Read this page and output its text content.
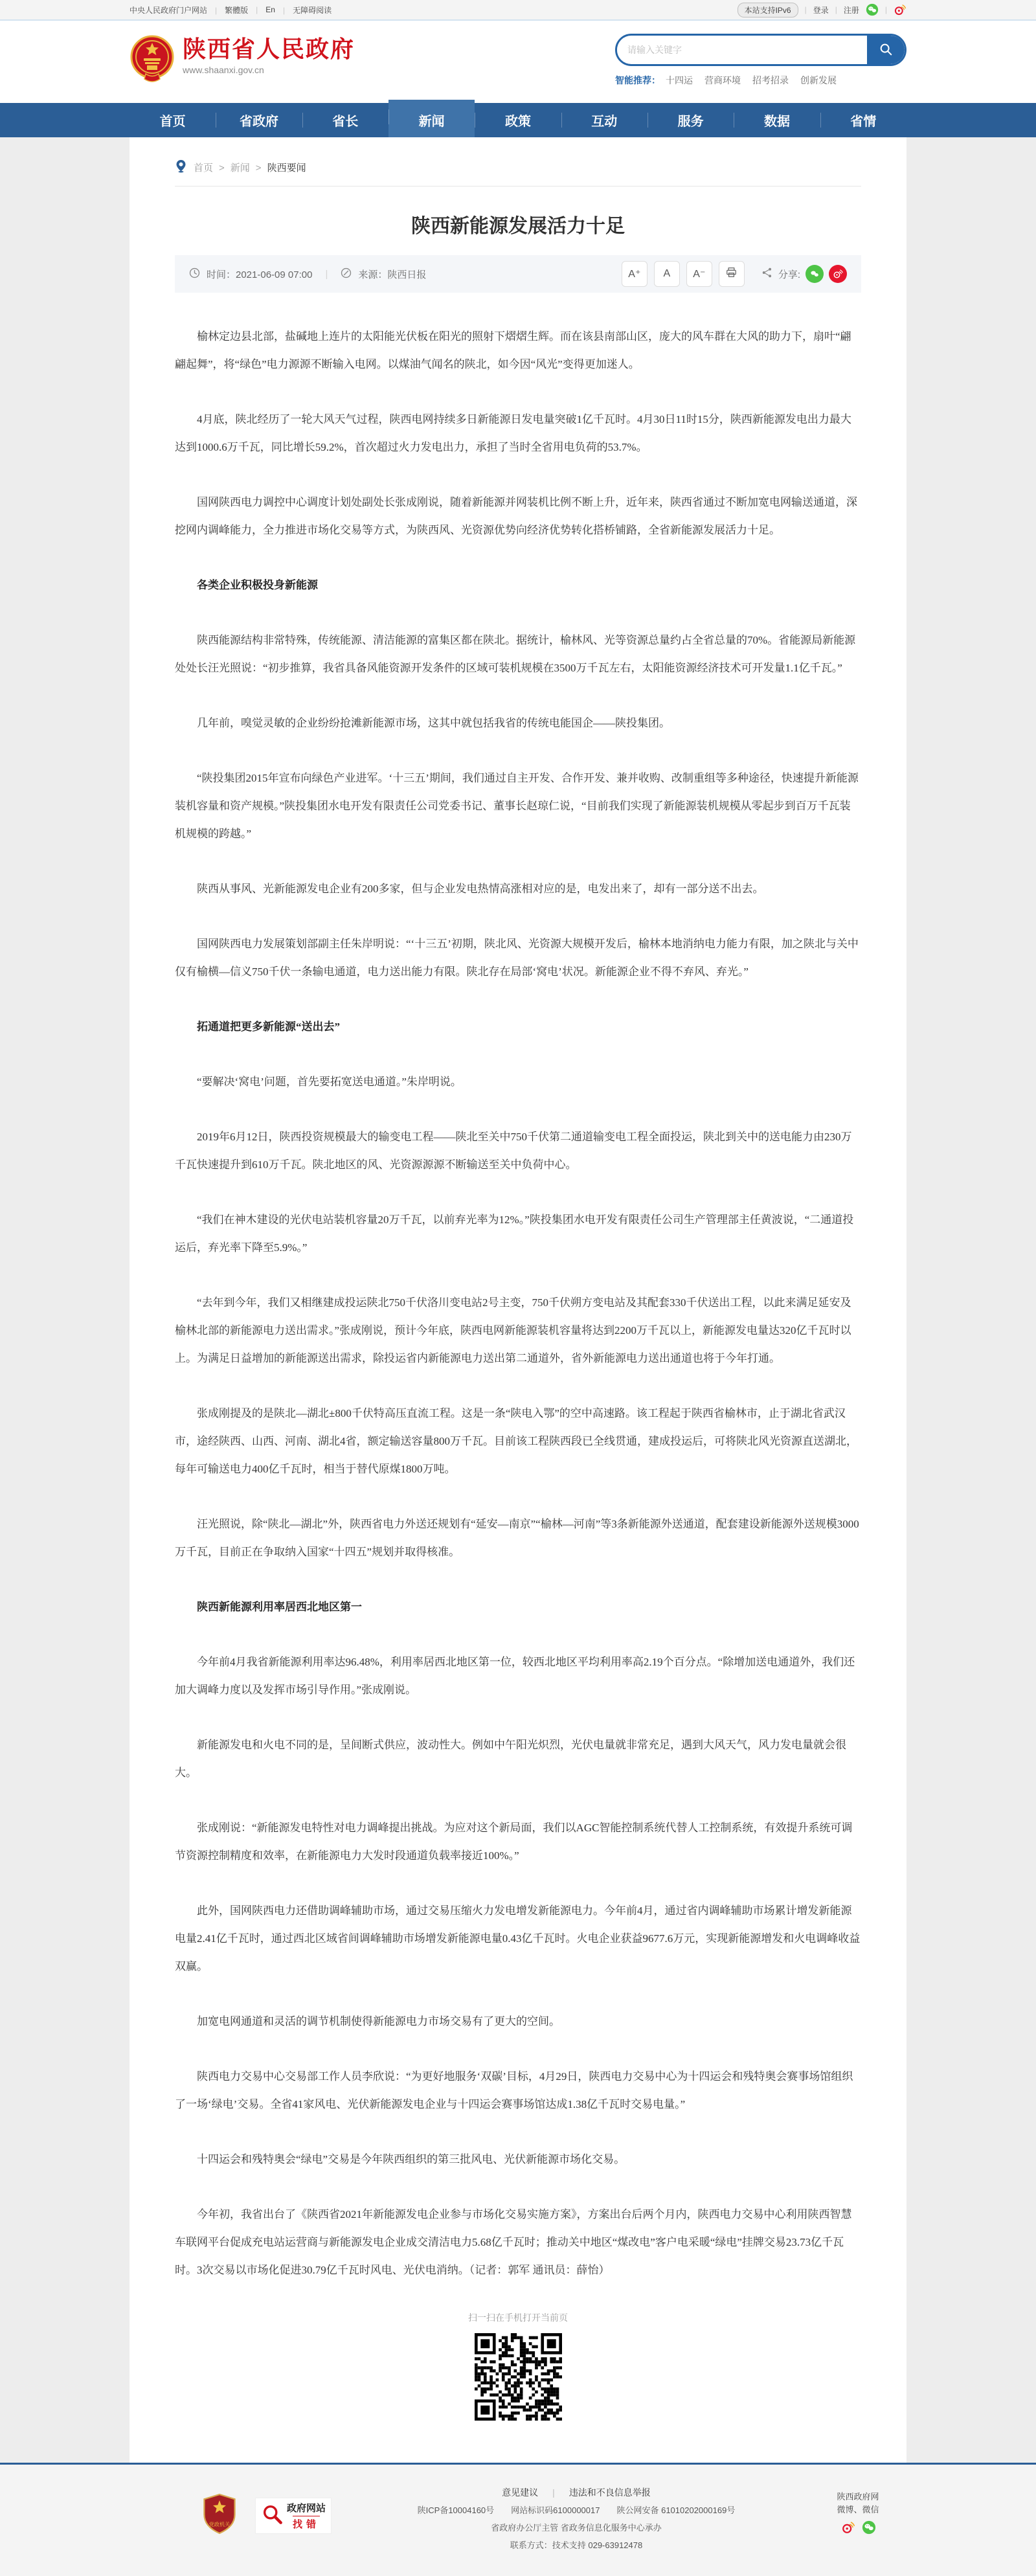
中央人民政府门户网站	| 繁體版	| En	| 无障碍阅读	本站支持IPv6	| 登录 | 注册	|
陕西省人民政府
www.shaanxi.gov.cn
请输入关键字
智能推荐： 十四运 营商环境 招考招录 创新发展
首页	省政府	省长	新闻	政策	互动	服务	数据	省情
首页	> 新闻	> 陕西要闻
陕西新能源发展活力十足
时间：2021-06-09 07:00 |	来源：陕西日报	A⁺	A	A⁻	分享:

榆林定边县北部，盐碱地上连片的太阳能光伏板在阳光的照射下熠熠生辉。而在该县南部山区，庞大的风车群在大风的助力下，扇叶“翩翩起舞”，将“绿色”电力源源不断输入电网。以煤油气闻名的陕北，如今因“风光”变得更加迷人。

4月底，陕北经历了一轮大风天气过程，陕西电网持续多日新能源日发电量突破1亿千瓦时。4月30日11时15分，陕西新能源发电出力最大达到1000.6万千瓦，同比增长59.2%，首次超过火力发电出力，承担了当时全省用电负荷的53.7%。

国网陕西电力调控中心调度计划处副处长张成刚说，随着新能源并网装机比例不断上升，近年来，陕西省通过不断加宽电网输送通道，深挖网内调峰能力，全力推进市场化交易等方式，为陕西风、光资源优势向经济优势转化搭桥铺路，全省新能源发展活力十足。

各类企业积极投身新能源

陕西能源结构非常特殊，传统能源、清洁能源的富集区都在陕北。据统计，榆林风、光等资源总量约占全省总量的70%。省能源局新能源处处长汪光照说：“初步推算，我省具备风能资源开发条件的区域可装机规模在3500万千瓦左右，太阳能资源经济技术可开发量1.1亿千瓦。”

几年前，嗅觉灵敏的企业纷纷抢滩新能源市场，这其中就包括我省的传统电能国企——陕投集团。

“陕投集团2015年宣布向绿色产业进军。‘十三五’期间，我们通过自主开发、合作开发、兼并收购、改制重组等多种途径，快速提升新能源装机容量和资产规模。”陕投集团水电开发有限责任公司党委书记、董事长赵琼仁说，“目前我们实现了新能源装机规模从零起步到百万千瓦装机规模的跨越。”

陕西从事风、光新能源发电企业有200多家，但与企业发电热情高涨相对应的是，电发出来了，却有一部分送不出去。

国网陕西电力发展策划部副主任朱岸明说：“‘十三五’初期，陕北风、光资源大规模开发后，榆林本地消纳电力能力有限，加之陕北与关中仅有榆横—信义750千伏一条输电通道，电力送出能力有限。陕北存在局部‘窝电’状况。新能源企业不得不弃风、弃光。”

拓通道把更多新能源“送出去”

“要解决‘窝电’问题，首先要拓宽送电通道。”朱岸明说。

2019年6月12日，陕西投资规模最大的输变电工程——陕北至关中750千伏第二通道输变电工程全面投运，陕北到关中的送电能力由230万千瓦快速提升到610万千瓦。陕北地区的风、光资源源源不断输送至关中负荷中心。

“我们在神木建设的光伏电站装机容量20万千瓦，以前弃光率为12%。”陕投集团水电开发有限责任公司生产管理部主任黄波说，“二通道投运后，弃光率下降至5.9%。”

“去年到今年，我们又相继建成投运陕北750千伏洛川变电站2号主变，750千伏朔方变电站及其配套330千伏送出工程，以此来满足延安及榆林北部的新能源电力送出需求。”张成刚说，预计今年底，陕西电网新能源装机容量将达到2200万千瓦以上，新能源发电量达320亿千瓦时以上。为满足日益增加的新能源送出需求，除投运省内新能源电力送出第二通道外，省外新能源电力送出通道也将于今年打通。

张成刚提及的是陕北—湖北±800千伏特高压直流工程。这是一条“陕电入鄂”的空中高速路。该工程起于陕西省榆林市，止于湖北省武汉市，途经陕西、山西、河南、湖北4省，额定输送容量800万千瓦。目前该工程陕西段已全线贯通，建成投运后，可将陕北风光资源直送湖北，每年可输送电力400亿千瓦时，相当于替代原煤1800万吨。

汪光照说，除“陕北—湖北”外，陕西省电力外送还规划有“延安—南京”“榆林—河南”等3条新能源外送通道，配套建设新能源外送规模3000万千瓦，目前正在争取纳入国家“十四五”规划并取得核准。

陕西新能源利用率居西北地区第一

今年前4月我省新能源利用率达96.48%，利用率居西北地区第一位，较西北地区平均利用率高2.19个百分点。“除增加送电通道外，我们还加大调峰力度以及发挥市场引导作用。”张成刚说。

新能源发电和火电不同的是，呈间断式供应，波动性大。例如中午阳光炽烈，光伏电量就非常充足，遇到大风天气，风力发电量就会很大。

张成刚说：“新能源发电特性对电力调峰提出挑战。为应对这个新局面，我们以AGC智能控制系统代替人工控制系统，有效提升系统可调节资源控制精度和效率，在新能源电力大发时段通道负载率接近100%。”

此外，国网陕西电力还借助调峰辅助市场，通过交易压缩火力发电增发新能源电力。今年前4月，通过省内调峰辅助市场累计增发新能源电量2.41亿千瓦时，通过西北区域省间调峰辅助市场增发新能源电量0.43亿千瓦时。火电企业获益9677.6万元，实现新能源增发和火电调峰收益双赢。

加宽电网通道和灵活的调节机制使得新能源电力市场交易有了更大的空间。

陕西电力交易中心交易部工作人员李欣说：“为更好地服务‘双碳’目标，4月29日，陕西电力交易中心为十四运会和残特奥会赛事场馆组织了一场‘绿电’交易。全省41家风电、光伏新能源发电企业与十四运会赛事场馆达成1.38亿千瓦时交易电量。”

十四运会和残特奥会“绿电”交易是今年陕西组织的第三批风电、光伏新能源市场化交易。

今年初，我省出台了《陕西省2021年新能源发电企业参与市场化交易实施方案》，方案出台后两个月内，陕西电力交易中心利用陕西智慧车联网平台促成充电站运营商与新能源发电企业成交清洁电力5.68亿千瓦时；推动关中地区“煤改电”客户电采暖“绿电”挂牌交易23.73亿千瓦时。3次交易以市场化促进30.79亿千瓦时风电、光伏电消纳。（记者：郭军 通讯员：薛怡）

扫一扫在手机打开当前页
党政机关
政府网站
找错
意见建议	| 违法和不良信息举报
陕ICP备10004160号 网站标识码6100000017 陕公网安备 61010202000169号
省政府办公厅主管 省政务信息化服务中心承办
联系方式：技术支持 029-63912478
陕西政府网
微博、微信
